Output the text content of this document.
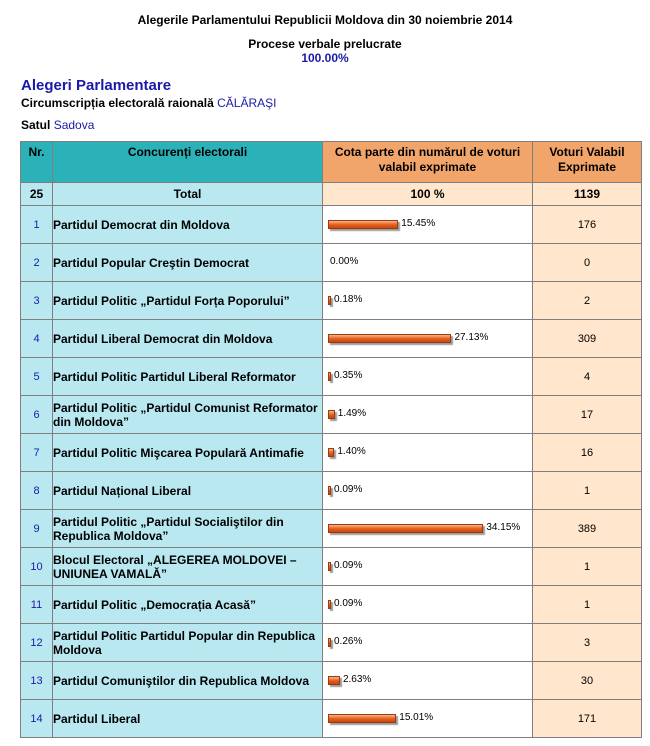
Alegerile Parlamentului Republicii Moldova din 30 noiembrie 2014
Procese verbale prelucrate
100.00%
Alegeri Parlamentare
Circumscripția electorală raională CĂLĂRAŞI
Satul Sadova
Nr.	Concurenți electorali	Cota parte din numărul de voturi valabil exprimate	Voturi Valabil Exprimate

25	Total	100 %	1139
1	Partidul Democrat din Moldova	15.45%	176
2	Partidul Popular Creştin Democrat	0.00%	0
3	Partidul Politic „Partidul Forța Poporului”	0.18%	2
4	Partidul Liberal Democrat din Moldova	27.13%	309
5	Partidul Politic Partidul Liberal Reformator	0.35%	4
6	Partidul Politic „Partidul Comunist Reformator din Moldova”	1.49%	17
7	Partidul Politic Mişcarea Populară Antimafie	1.40%	16
8	Partidul Național Liberal	0.09%	1
9	Partidul Politic „Partidul Socialiştilor din Republica Moldova”	34.15%	389
10	Blocul Electoral „ALEGEREA MOLDOVEI – UNIUNEA VAMALĂ”	0.09%	1
11	Partidul Politic „Democrația Acasă”	0.09%	1
12	Partidul Politic Partidul Popular din Republica Moldova	0.26%	3
13	Partidul Comuniştilor din Republica Moldova	2.63%	30
14	Partidul Liberal	15.01%	171
